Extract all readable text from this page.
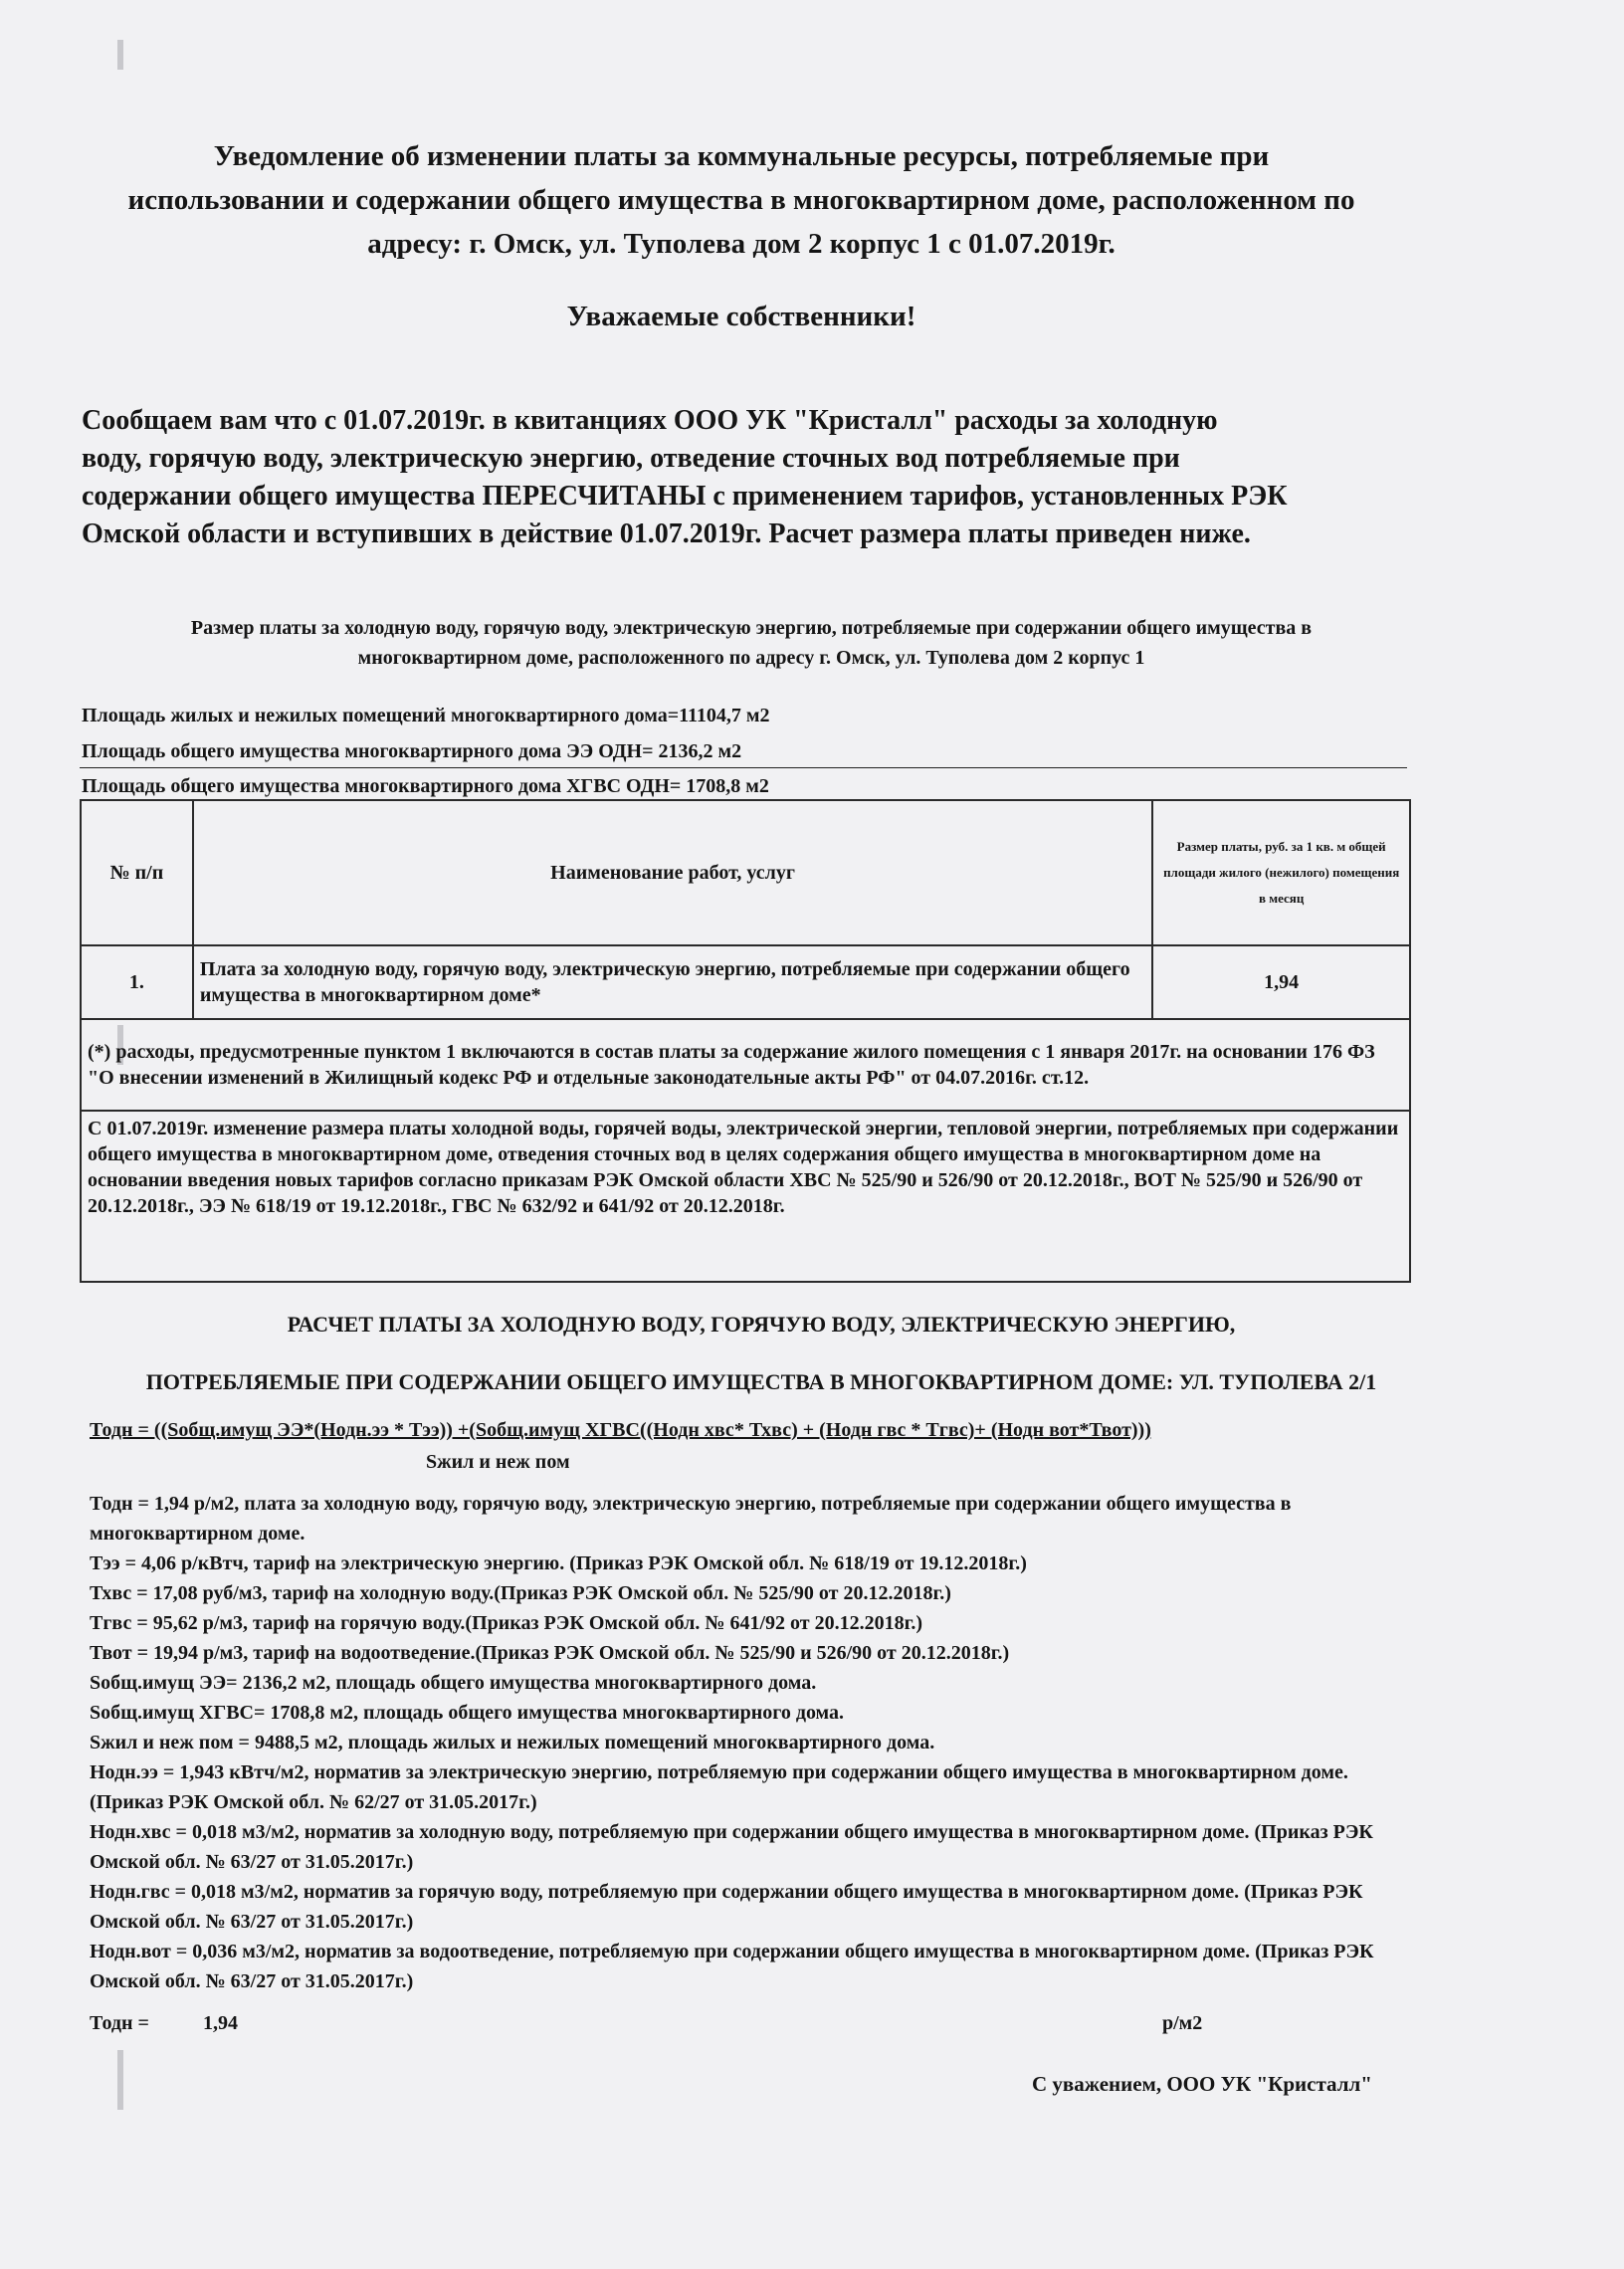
Уведомление об изменении платы за коммунальные ресурсы, потребляемые при
использовании и содержании общего имущества в многоквартирном доме, расположенном по
адресу: г. Омск, ул. Туполева дом 2 корпус 1 с 01.07.2019г.
Уважаемые собственники!
Сообщаем вам что с 01.07.2019г. в квитанциях ООО УК "Кристалл" расходы за холодную
воду, горячую воду, электрическую энергию, отведение сточных вод потребляемые при
содержании общего имущества ПЕРЕСЧИТАНЫ с применением тарифов, установленных РЭК
Омской области и вступивших в действие 01.07.2019г. Расчет размера платы приведен ниже.
Размер платы за холодную воду, горячую воду, электрическую энергию, потребляемые при содержании общего имущества в
многоквартирном доме, расположенного по адресу г. Омск, ул. Туполева дом 2 корпус 1
Площадь жилых и нежилых помещений многоквартирного дома=11104,7 м2
Площадь общего имущества многоквартирного дома ЭЭ ОДН= 2136,2 м2
Площадь общего имущества многоквартирного дома ХГВС ОДН= 1708,8 м2
№ п/п	Наименование работ, услуг	Размер платы, руб. за 1 кв. м общей площади жилого (нежилого) помещения в месяц
1.	Плата за холодную воду, горячую воду, электрическую энергию, потребляемые при содержании общего имущества в многоквартирном доме*	1,94
(*) расходы, предусмотренные пунктом 1 включаются в состав платы за содержание жилого помещения с 1 января 2017г. на основании 176 ФЗ "О внесении изменений в Жилищный кодекс РФ и отдельные законодательные акты РФ" от 04.07.2016г. ст.12.		
С 01.07.2019г. изменение размера платы холодной воды, горячей воды, электрической энергии, тепловой энергии, потребляемых при содержании общего имущества в многоквартирном доме, отведения сточных вод в целях содержания общего имущества в многоквартирном доме на основании введения новых тарифов согласно приказам РЭК Омской области ХВС № 525/90 и 526/90 от 20.12.2018г., ВОТ № 525/90 и 526/90 от 20.12.2018г., ЭЭ № 618/19 от 19.12.2018г., ГВС № 632/92 и 641/92 от 20.12.2018г.		
РАСЧЕТ ПЛАТЫ ЗА ХОЛОДНУЮ ВОДУ, ГОРЯЧУЮ ВОДУ, ЭЛЕКТРИЧЕСКУЮ ЭНЕРГИЮ,
ПОТРЕБЛЯЕМЫЕ ПРИ СОДЕРЖАНИИ ОБЩЕГО ИМУЩЕСТВА В МНОГОКВАРТИРНОМ ДОМЕ: УЛ. ТУПОЛЕВА 2/1
Тодн = ((Sобщ.имущ ЭЭ*(Нодн.ээ * Тээ)) +(Sобщ.имущ ХГВС((Нодн хвс* Тхвс) + (Нодн гвс * Тгвс)+ (Нодн вот*Твот)))
Sжил и неж пом
Тодн = 1,94 р/м2, плата за холодную воду, горячую воду, электрическую энергию, потребляемые при содержании общего имущества в многоквартирном доме.
Тээ = 4,06 р/кВтч, тариф на электрическую энергию. (Приказ РЭК Омской обл. № 618/19 от 19.12.2018г.)
Тхвс = 17,08 руб/м3, тариф на холодную воду.(Приказ РЭК Омской обл. № 525/90 от 20.12.2018г.)
Тгвс = 95,62 р/м3, тариф на горячую воду.(Приказ РЭК Омской обл. № 641/92 от 20.12.2018г.)
Твот = 19,94 р/м3, тариф на водоотведение.(Приказ РЭК Омской обл. № 525/90 и 526/90 от 20.12.2018г.)
Sобщ.имущ ЭЭ= 2136,2 м2, площадь общего имущества многоквартирного дома.
Sобщ.имущ ХГВС= 1708,8 м2, площадь общего имущества многоквартирного дома.
Sжил и неж пом = 9488,5 м2, площадь жилых и нежилых помещений многоквартирного дома.
Нодн.ээ = 1,943 кВтч/м2, норматив за электрическую энергию, потребляемую при содержании общего имущества в многоквартирном доме.(Приказ РЭК Омской обл. № 62/27 от 31.05.2017г.)
Нодн.хвс = 0,018 м3/м2, норматив за холодную воду, потребляемую при содержании общего имущества в многоквартирном доме. (Приказ РЭК Омской обл. № 63/27 от 31.05.2017г.)
Нодн.гвс = 0,018 м3/м2, норматив за горячую воду, потребляемую при содержании общего имущества в многоквартирном доме. (Приказ РЭК Омской обл. № 63/27 от 31.05.2017г.)
Нодн.вот = 0,036 м3/м2, норматив за водоотведение, потребляемую при содержании общего имущества в многоквартирном доме. (Приказ РЭК Омской обл. № 63/27 от 31.05.2017г.)
Тодн =	1,94	р/м2
С уважением, ООО УК "Кристалл"
